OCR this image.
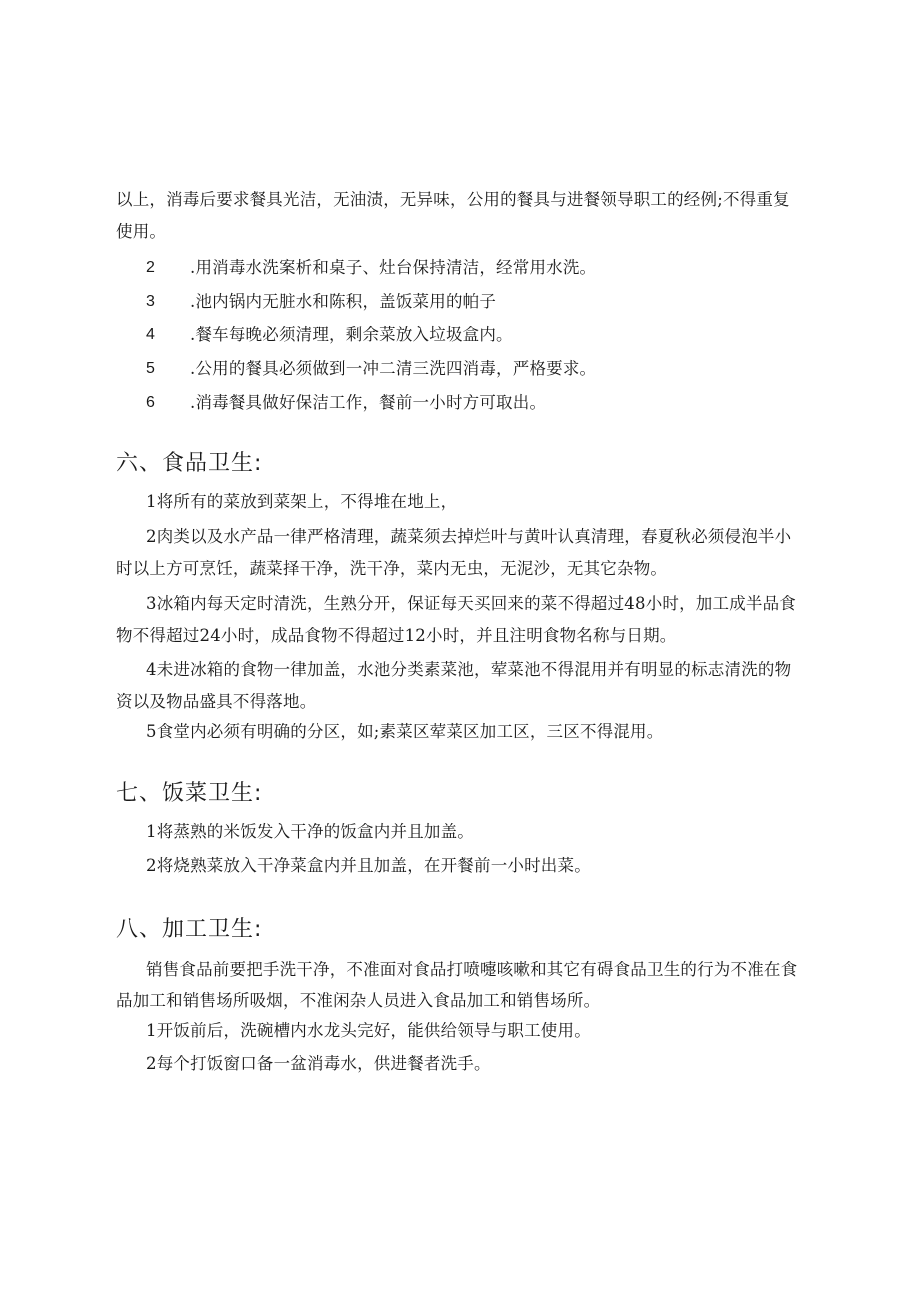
以上，消毒后要求餐具光洁，无油渍，无异味，公用的餐具与进餐领导职工的经例;不得重复
使用。
2 .用消毒水洗案析和桌子、灶台保持清洁，经常用水洗。
3 .池内锅内无脏水和陈积，盖饭菜用的帕子
4 .餐车每晚必须清理，剩余菜放入垃圾盒内。
5 .公用的餐具必须做到一冲二清三洗四消毒，严格要求。
6 .消毒餐具做好保洁工作，餐前一小时方可取出。
六、食品卫生:
1将所有的菜放到菜架上，不得堆在地上，
2肉类以及水产品一律严格清理，蔬菜须去掉烂叶与黄叶认真清理，春夏秋必须侵泡半小
时以上方可烹饪，蔬菜择干净，洗干净，菜内无虫，无泥沙，无其它杂物。
3冰箱内每天定时清洗，生熟分开，保证每天买回来的菜不得超过48小时，加工成半品食
物不得超过24小时，成品食物不得超过12小时，并且注明食物名称与日期。
4未进冰箱的食物一律加盖，水池分类素菜池，荤菜池不得混用并有明显的标志清洗的物
资以及物品盛具不得落地。
5食堂内必须有明确的分区，如;素菜区荤菜区加工区，三区不得混用。
七、饭菜卫生:
1将蒸熟的米饭发入干净的饭盒内并且加盖。
2将烧熟菜放入干净菜盒内并且加盖，在开餐前一小时出菜。
八、加工卫生:
销售食品前要把手洗干净，不准面对食品打喷嚏咳嗽和其它有碍食品卫生的行为不准在食
品加工和销售场所吸烟，不准闲杂人员进入食品加工和销售场所。
1开饭前后，洗碗槽内水龙头完好，能供给领导与职工使用。
2每个打饭窗口备一盆消毒水，供进餐者洗手。
